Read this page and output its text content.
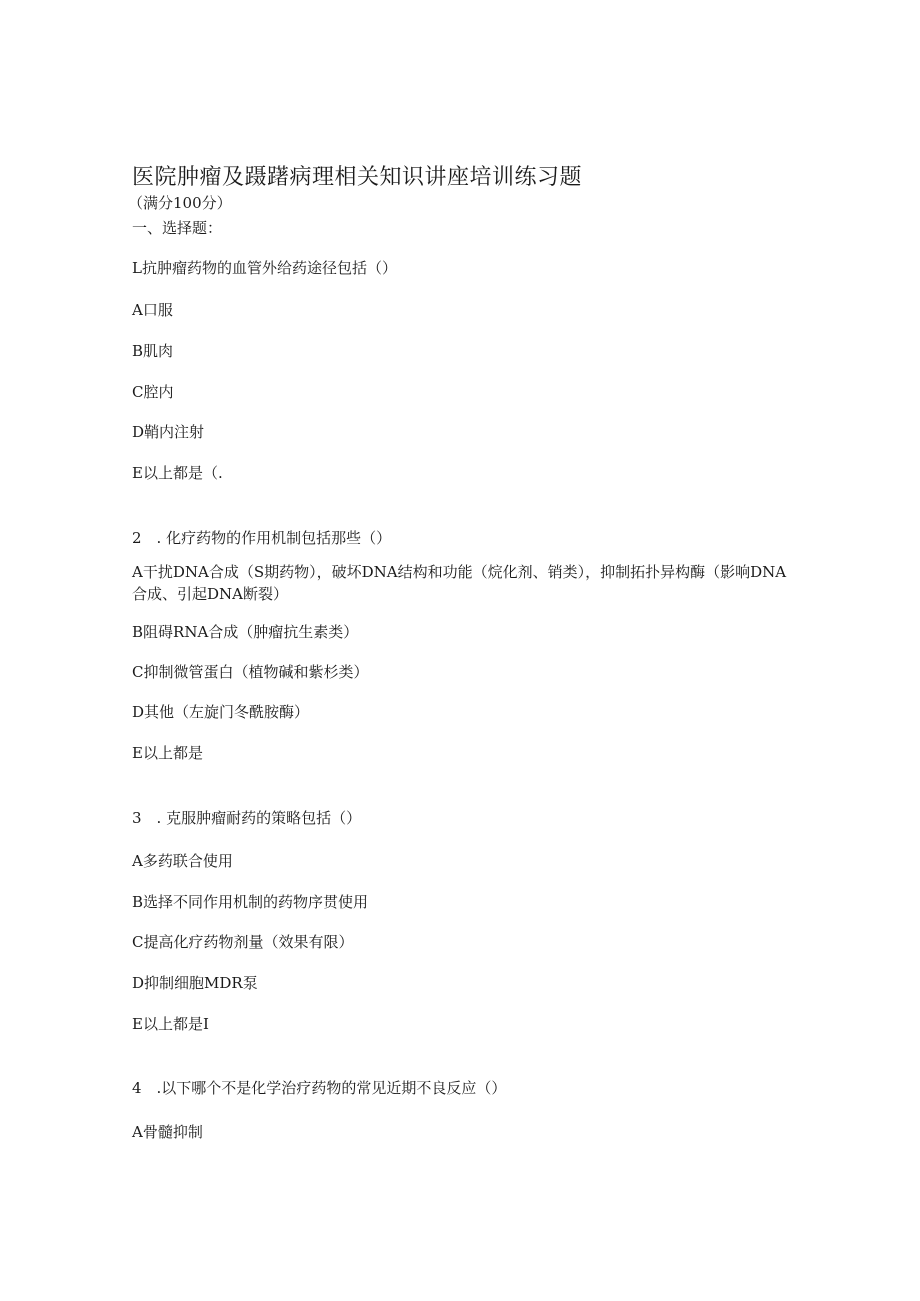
医院肿瘤及蹑躇病理相关知识讲座培训练习题
（满分100分）
一、选择题：
L抗肿瘤药物的血管外给药途径包括（）
A口服
B肌肉
C腔内
D鞘内注射
E以上都是（.
2　. 化疗药物的作用机制包括那些（）
A干扰DNA合成（S期药物），破坏DNA结构和功能（烷化剂、销类），抑制拓扑异构酶（影响DNA合成、引起DNA断裂）
B阻碍RNA合成（肿瘤抗生素类）
C抑制微管蛋白（植物碱和紫杉类）
D其他（左旋门冬酰胺酶）
E以上都是
3　. 克服肿瘤耐药的策略包括（）
A多药联合使用
B选择不同作用机制的药物序贯使用
C提高化疗药物剂量（效果有限）
D抑制细胞MDR泵
E以上都是I
4　.以下哪个不是化学治疗药物的常见近期不良反应（）
A骨髓抑制
